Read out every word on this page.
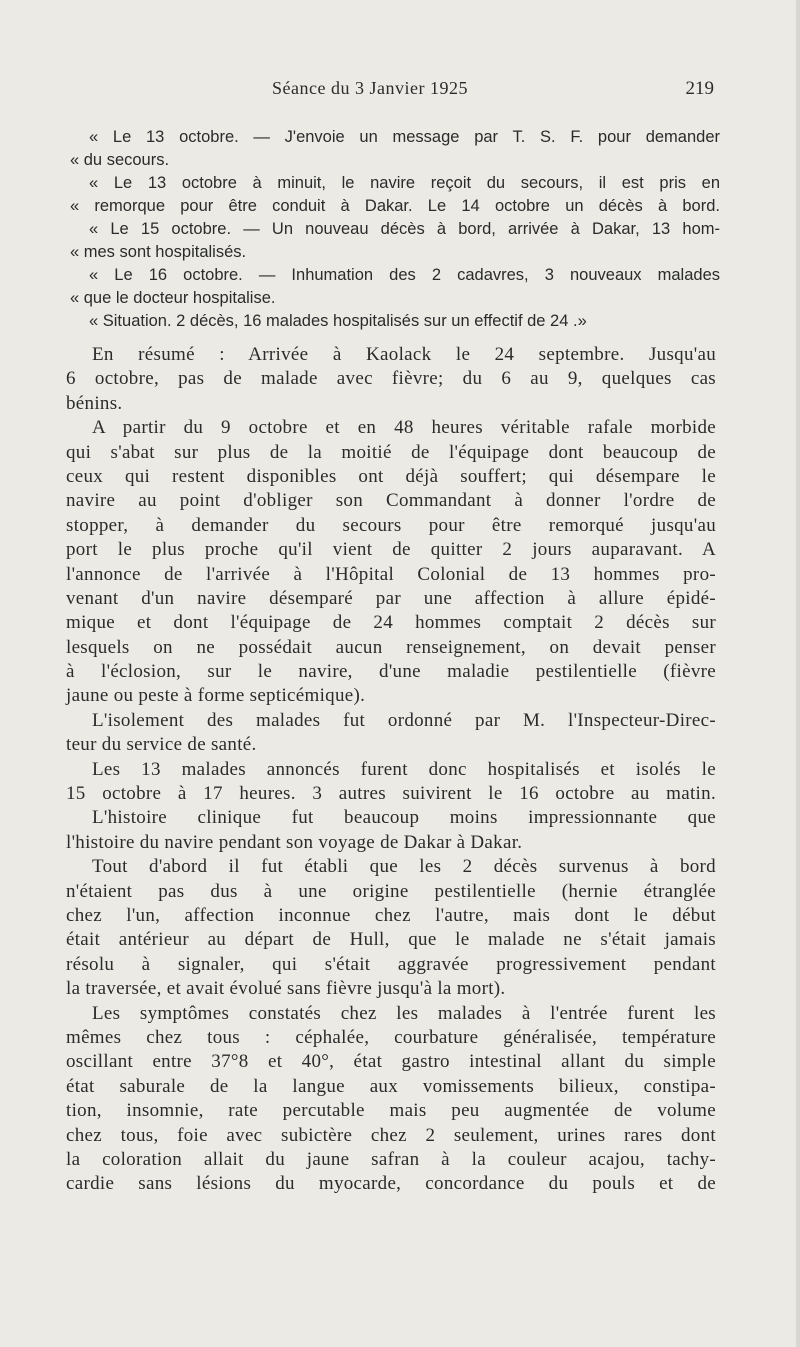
Séance du 3 Janvier 1925	219
« Le 13 octobre. — J'envoie un message par T. S. F. pour demander
« du secours.
« Le 13 octobre à minuit, le navire reçoit du secours, il est pris en
« remorque pour être conduit à Dakar. Le 14 octobre un décès à bord.
« Le 15 octobre. — Un nouveau décès à bord, arrivée à Dakar, 13 hom-
« mes sont hospitalisés.
« Le 16 octobre. — Inhumation des 2 cadavres, 3 nouveaux malades
« que le docteur hospitalise.
« Situation. 2 décès, 16 malades hospitalisés sur un effectif de 24 .»
En résumé : Arrivée à Kaolack le 24 septembre. Jusqu'au
6 octobre, pas de malade avec fièvre; du 6 au 9, quelques cas
bénins.
A partir du 9 octobre et en 48 heures véritable rafale morbide
qui s'abat sur plus de la moitié de l'équipage dont beaucoup de
ceux qui restent disponibles ont déjà souffert; qui désempare le
navire au point d'obliger son Commandant à donner l'ordre de
stopper, à demander du secours pour être remorqué jusqu'au
port le plus proche qu'il vient de quitter 2 jours auparavant. A
l'annonce de l'arrivée à l'Hôpital Colonial de 13 hommes pro-
venant d'un navire désemparé par une affection à allure épidé-
mique et dont l'équipage de 24 hommes comptait 2 décès sur
lesquels on ne possédait aucun renseignement, on devait penser
à l'éclosion, sur le navire, d'une maladie pestilentielle (fièvre
jaune ou peste à forme septicémique).
L'isolement des malades fut ordonné par M. l'Inspecteur-Direc-
teur du service de santé.
Les 13 malades annoncés furent donc hospitalisés et isolés le
15 octobre à 17 heures. 3 autres suivirent le 16 octobre au matin.
L'histoire clinique fut beaucoup moins impressionnante que
l'histoire du navire pendant son voyage de Dakar à Dakar.
Tout d'abord il fut établi que les 2 décès survenus à bord
n'étaient pas dus à une origine pestilentielle (hernie étranglée
chez l'un, affection inconnue chez l'autre, mais dont le début
était antérieur au départ de Hull, que le malade ne s'était jamais
résolu à signaler, qui s'était aggravée progressivement pendant
la traversée, et avait évolué sans fièvre jusqu'à la mort).
Les symptômes constatés chez les malades à l'entrée furent les
mêmes chez tous : céphalée, courbature généralisée, température
oscillant entre 37°8 et 40°, état gastro intestinal allant du simple
état saburale de la langue aux vomissements bilieux, constipa-
tion, insomnie, rate percutable mais peu augmentée de volume
chez tous, foie avec subictère chez 2 seulement, urines rares dont
la coloration allait du jaune safran à la couleur acajou, tachy-
cardie sans lésions du myocarde, concordance du pouls et de
